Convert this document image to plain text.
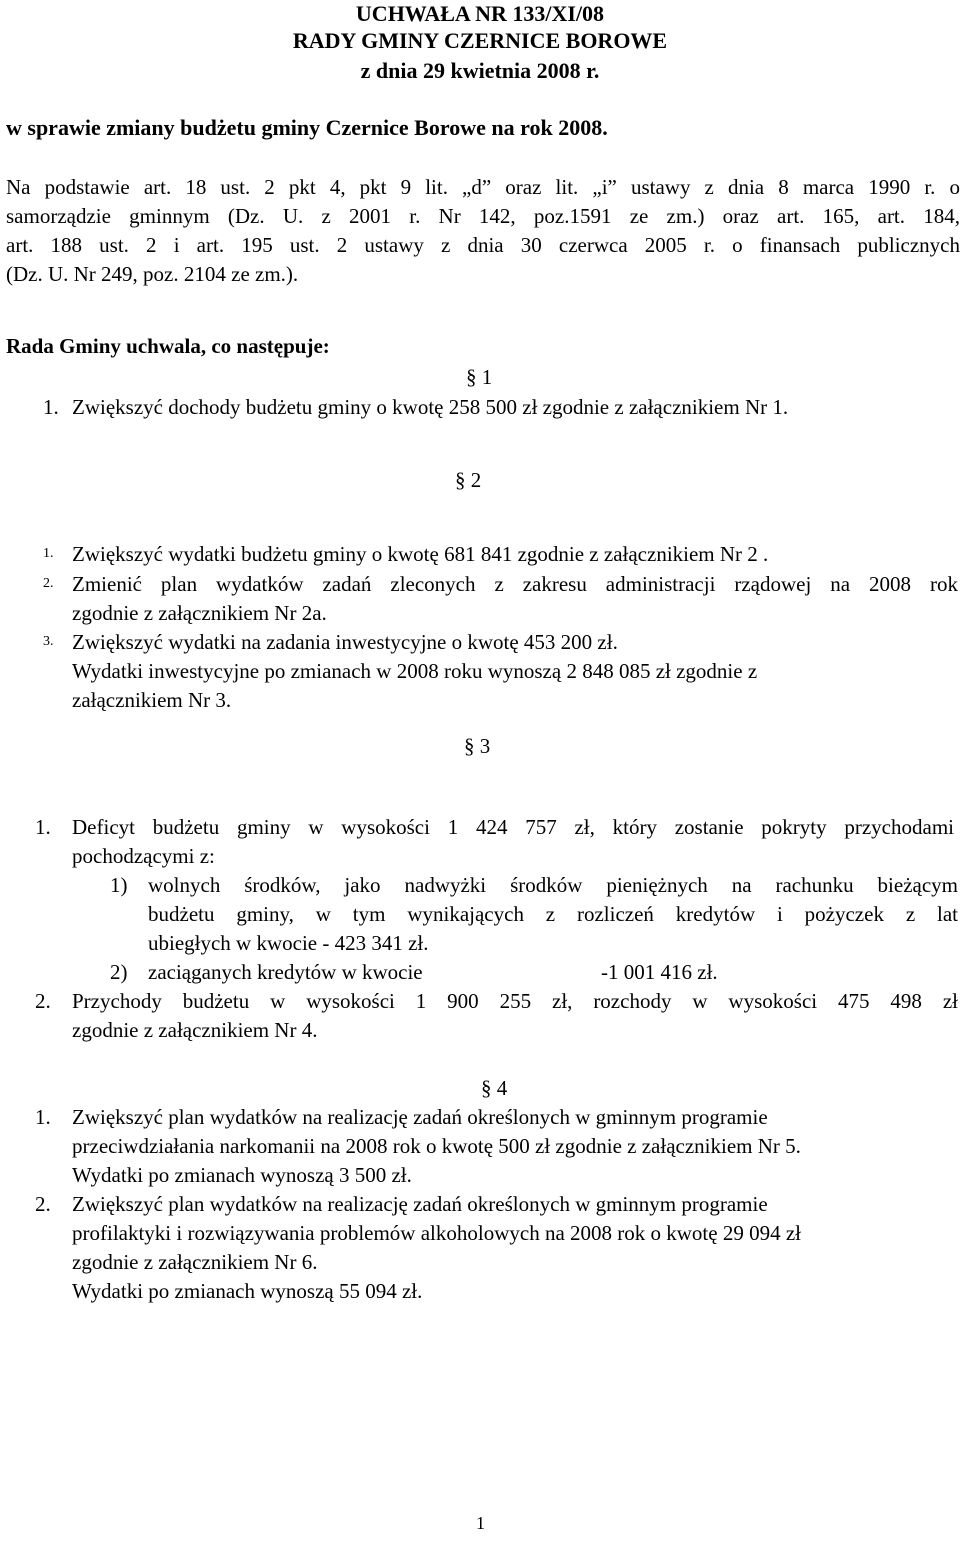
UCHWAŁA NR 133/XI/08
RADY GMINY CZERNICE BOROWE
z dnia 29 kwietnia 2008 r.
w sprawie zmiany budżetu gminy Czernice Borowe na rok 2008.
Na podstawie art. 18 ust. 2 pkt 4, pkt 9 lit. „d” oraz lit. „i” ustawy z dnia 8 marca 1990 r. o
samorządzie gminnym (Dz. U. z 2001 r. Nr 142, poz.1591 ze zm.) oraz art. 165, art. 184,
art. 188 ust. 2 i art. 195 ust. 2 ustawy z dnia 30 czerwca 2005 r. o finansach publicznych
(Dz. U. Nr 249, poz. 2104 ze zm.).
Rada Gminy uchwala, co następuje:
§ 1
1. Zwiększyć dochody budżetu gminy o kwotę 258 500 zł zgodnie z załącznikiem Nr 1.
§ 2
1. Zwiększyć wydatki budżetu gminy o kwotę 681 841 zgodnie z załącznikiem Nr 2 .
2. Zmienić plan wydatków zadań zleconych z zakresu administracji rządowej na 2008 rok
zgodnie z załącznikiem Nr 2a.
3. Zwiększyć wydatki na zadania inwestycyjne o kwotę 453 200 zł.
Wydatki inwestycyjne po zmianach w 2008 roku wynoszą 2 848 085 zł zgodnie z
załącznikiem Nr 3.
§ 3
1. Deficyt budżetu gminy w wysokości 1 424 757 zł, który zostanie pokryty przychodami
pochodzącymi z:
1) wolnych środków, jako nadwyżki środków pieniężnych na rachunku bieżącym
budżetu gminy, w tym wynikających z rozliczeń kredytów i pożyczek z lat
ubiegłych w kwocie - 423 341 zł.
2) zaciąganych kredytów w kwocie	-1 001 416 zł.
2. Przychody budżetu w wysokości 1 900 255 zł, rozchody w wysokości 475 498 zł
zgodnie z załącznikiem Nr 4.
§ 4
1. Zwiększyć plan wydatków na realizację zadań określonych w gminnym programie
przeciwdziałania narkomanii na 2008 rok o kwotę 500 zł zgodnie z załącznikiem Nr 5.
Wydatki po zmianach wynoszą 3 500 zł.
2. Zwiększyć plan wydatków na realizację zadań określonych w gminnym programie
profilaktyki i rozwiązywania problemów alkoholowych na 2008 rok o kwotę 29 094 zł
zgodnie z załącznikiem Nr 6.
Wydatki po zmianach wynoszą 55 094 zł.
1
